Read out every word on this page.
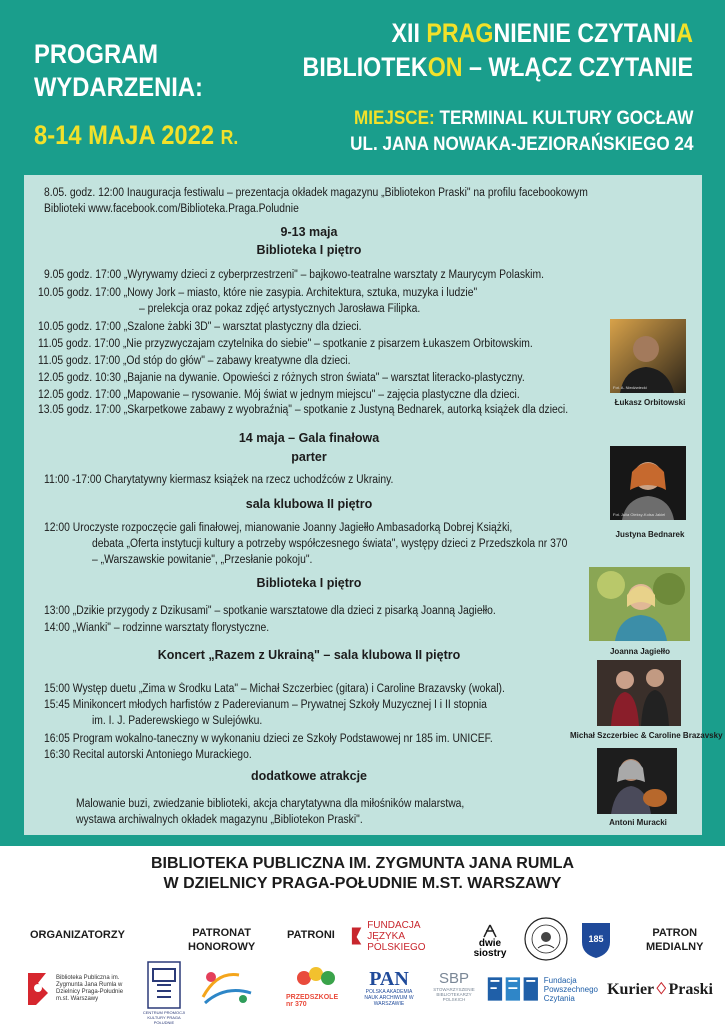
PROGRAM
WYDARZENIA:
8-14 MAJA 2022 R.
XII PRAGNIENIE CZYTANIA
BIBLIOTEKON – WŁĄCZ CZYTANIE
MIEJSCE: TERMINAL KULTURY GOCŁAW
UL. JANA NOWAKA-JEZIORAŃSKIEGO 24
8.05. godz. 12:00 Inauguracja festiwalu – prezentacja okładek magazynu „Bibliotekon Praski" na profilu facebookowym
Biblioteki www.facebook.com/Biblioteka.Praga.Poludnie
9-13 maja
Biblioteka I piętro
9.05 godz. 17:00 „Wyrywamy dzieci z cyberprzestrzeni" – bajkowo-teatralne warsztaty z Maurycym Polaskim.
10.05 godz. 17:00 „Nowy Jork – miasto, które nie zasypia. Architektura, sztuka, muzyka i ludzie"
– prelekcja oraz pokaz zdjęć artystycznych Jarosława Filipka.
10.05 godz. 17:00 „Szalone żabki 3D" – warsztat plastyczny dla dzieci.
11.05 godz. 17:00 „Nie przyzwyczajam czytelnika do siebie" – spotkanie z pisarzem Łukaszem Orbitowskim.
11.05 godz. 17:00 „Od stóp do głów" – zabawy kreatywne dla dzieci.
12.05 godz. 10:30 „Bajanie na dywanie. Opowieści z różnych stron świata" – warsztat literacko-plastyczny.
12.05 godz. 17:00 „Mapowanie – rysowanie. Mój świat w jednym miejscu" – zajęcia plastyczne dla dzieci.
13.05 godz. 17:00 „Skarpetkowe zabawy z wyobraźnią" – spotkanie z Justyną Bednarek, autorką książek dla dzieci.
14 maja – Gala finałowa
parter
11:00 -17:00 Charytatywny kiermasz książek na rzecz uchodźców z Ukrainy.
sala klubowa II piętro
12:00 Uroczyste rozpoczęcie gali finałowej, mianowanie Joanny Jagiełło Ambasadorką Dobrej Książki,
debata „Oferta instytucji kultury a potrzeby współczesnego świata", występy dzieci z Przedszkola nr 370
– „Warszawskie powitanie", „Przesłanie pokoju".
Biblioteka I piętro
13:00 „Dzikie przygody z Dzikusami" – spotkanie warsztatowe dla dzieci z pisarką Joanną Jagiełło.
14:00 „Wianki" – rodzinne warsztaty florystyczne.
Koncert „Razem z Ukrainą" – sala klubowa II piętro
15:00 Występ duetu „Zima w Środku Lata" – Michał Szczerbiec (gitara) i Caroline Brazavsky (wokal).
15:45 Minikoncert młodych harfistów z Paderevianum – Prywatnej Szkoły Muzycznej I i II stopnia
im. I. J. Paderewskiego w Sulejówku.
16:05 Program wokalno-taneczny w wykonaniu dzieci ze Szkoły Podstawowej nr 185 im. UNICEF.
16:30 Recital autorski Antoniego Murackiego.
dodatkowe atrakcje
Malowanie buzi, zwiedzanie biblioteki, akcja charytatywna dla miłośników malarstwa,
wystawa archiwalnych okładek magazynu „Bibliotekon Praski".
Fot. A. Niedźwiecki
Łukasz Orbitowski
Fot. Julia Oleksy-Kolsa Jakiel
Justyna Bednarek
Joanna Jagiełło
Michał Szczerbiec & Caroline Brazavsky
Antoni Muracki
BIBLIOTEKA PUBLICZNA IM. ZYGMUNTA JANA RUMLA
W DZIELNICY PRAGA-POŁUDNIE M.ST. WARSZAWY
ORGANIZATORZY	PATRONAT
HONOROWY
PATRONI	PATRON
MEDIALNY
FUNDACJA
JĘZYKA POLSKIEGO	dwie
siostry
185
Biblioteka Publiczna im. Zygmunta Jana Rumla w Dzielnicy Praga-Południe m.st. Warszawy
CENTRUM PROMOCJI KULTURY PRAGA POŁUDNIE
PRZEDSZKOLE nr 370
PAN
POLSKA AKADEMIA NAUK ARCHIWUM W WARSZAWIE
SBP
STOWARZYSZENIE BIBLIOTEKARZY POLSKICH
Fundacja
Powszechnego
Czytania	Kurier♢Praski
